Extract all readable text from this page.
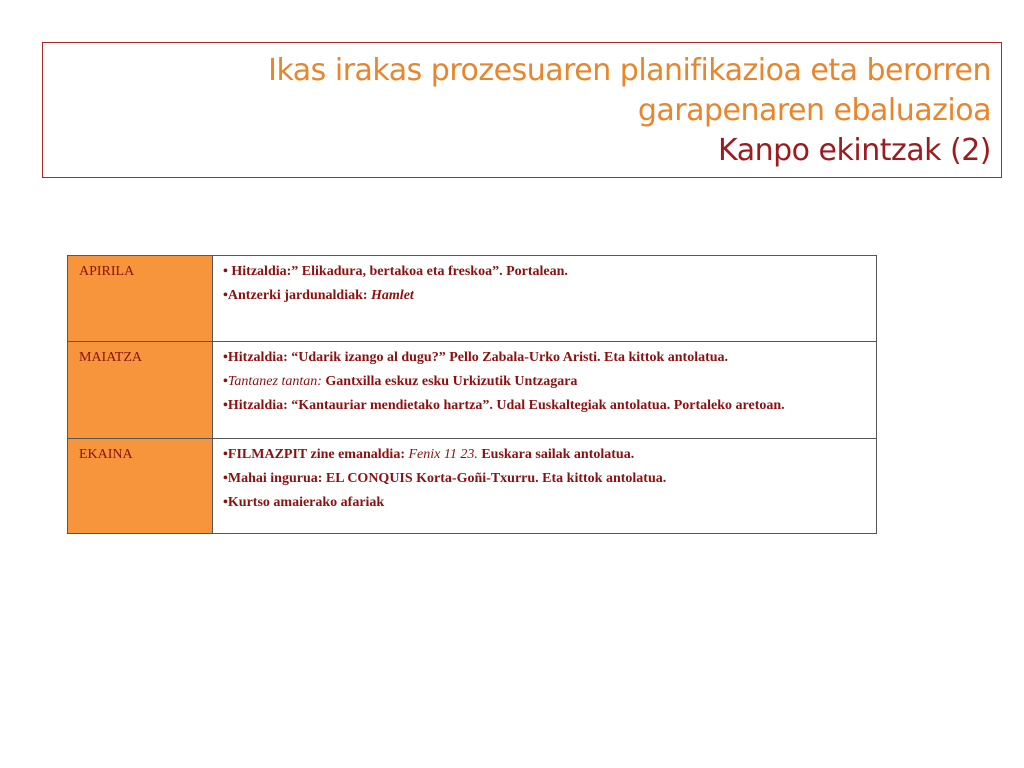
Ikas irakas prozesuaren planifikazioa eta berorren
garapenaren ebaluazioa
Kanpo ekintzak (2)
APIRILA	• Hitzaldia:” Elikadura, bertakoa eta freskoa”. Portalean.
•Antzerki jardunaldiak: Hamlet

MAIATZA	•Hitzaldia: “Udarik izango al dugu?” Pello Zabala-Urko Aristi. Eta kittok antolatua.
•Tantanez tantan: Gantxilla eskuz esku Urkizutik Untzagara
•Hitzaldia: “Kantauriar mendietako hartza”. Udal Euskaltegiak antolatua. Portaleko aretoan.

EKAINA	•FILMAZPIT zine emanaldia: Fenix 11 23. Euskara sailak antolatua.
•Mahai ingurua: EL CONQUIS Korta-Goñi-Txurru. Eta kittok antolatua.
•Kurtso amaierako afariak
